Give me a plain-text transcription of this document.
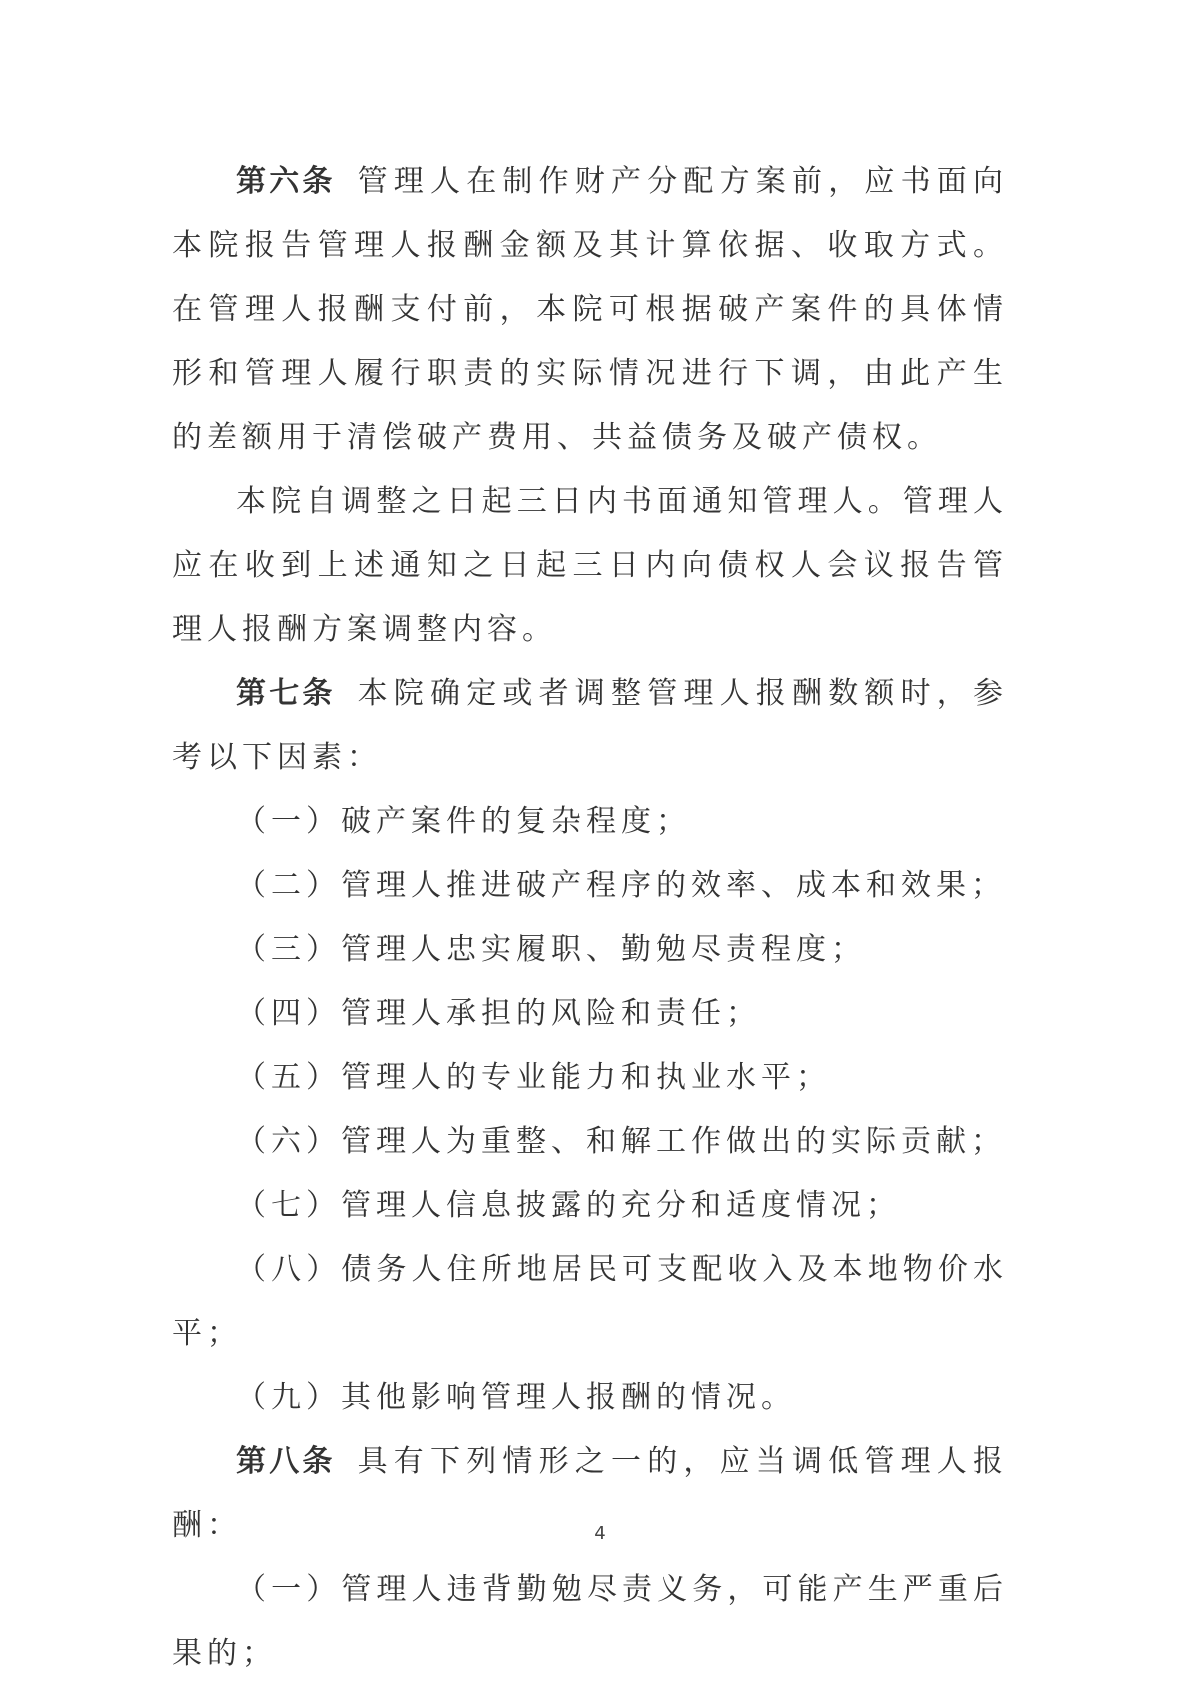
第六条 管理人在制作财产分配方案前，应书面向本院报告管理人报酬金额及其计算依据、收取方式。在管理人报酬支付前，本院可根据破产案件的具体情形和管理人履行职责的实际情况进行下调，由此产生的差额用于清偿破产费用、共益债务及破产债权。

本院自调整之日起三日内书面通知管理人。管理人应在收到上述通知之日起三日内向债权人会议报告管理人报酬方案调整内容。

第七条 本院确定或者调整管理人报酬数额时，参考以下因素：

（一）破产案件的复杂程度；

（二）管理人推进破产程序的效率、成本和效果；

（三）管理人忠实履职、勤勉尽责程度；

（四）管理人承担的风险和责任；

（五）管理人的专业能力和执业水平；

（六）管理人为重整、和解工作做出的实际贡献；

（七）管理人信息披露的充分和适度情况；

（八）债务人住所地居民可支配收入及本地物价水平；

（九）其他影响管理人报酬的情况。

第八条 具有下列情形之一的，应当调低管理人报酬：

（一）管理人违背勤勉尽责义务，可能产生严重后果的；

4
